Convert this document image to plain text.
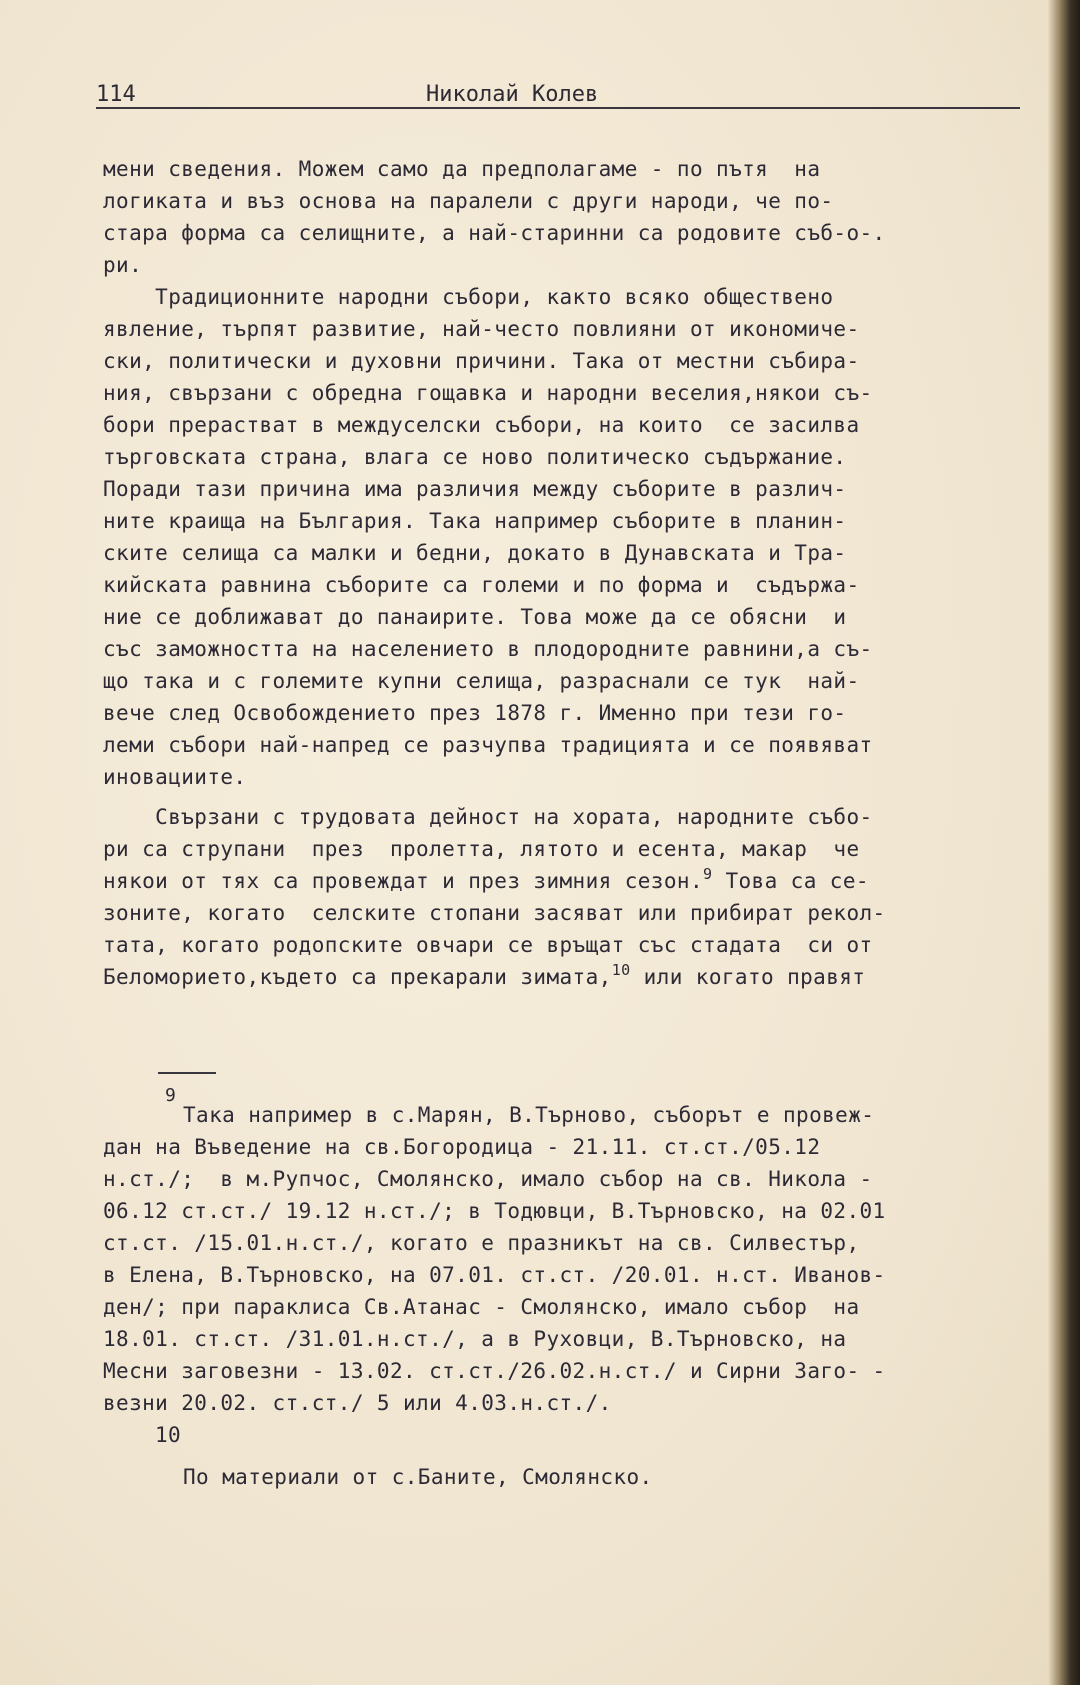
114	Николай Колев
мени сведения. Можем само да предполагаме - по пътя  на
логиката и въз основа на паралели с други народи, че по-
стара форма са селищните, а най-старинни са родовите съб-о-.
ри.
Традиционните народни събори, както всяко обществено
явление, търпят развитие, най-често повлияни от икономиче-
ски, политически и духовни причини. Така от местни събира-
ния, свързани с обредна гощавка и народни веселия,някои съ-
бори прерастват в междуселски събори, на които  се засилва
търговската страна, влага се ново политическо съдържание.
Поради тази причина има различия между съборите в различ-
ните краища на България. Така например съборите в планин-
ските селища са малки и бедни, докато в Дунавската и Тра-
кийската равнина съборите са големи и по форма и  съдържа-
ние се доближават до панаирите. Това може да се обясни  и
със заможността на населението в плодородните равнини,а съ-
що така и с големите купни селища, разраснали се тук  най-
вече след Освобождението през 1878 г. Именно при тези го-
леми събори най-напред се разчупва традицията и се появяват
иновациите.
Свързани с трудовата дейност на хората, народните събо-
ри са струпани  през  пролетта, лятото и есента, макар  че
някои от тях са провеждат и през зимния сезон.$^9$ Това са се-
зоните, когато  селските стопани засяват или прибират рекол-
тата, когато родопските овчари се връщат със стадата  си от
Беломорието,където са прекарали зимата,$^{10}$ или когато правят
9
Така например в с.Марян, В.Търново, съборът е провеж-
дан на Въведение на св.Богородица - 21.11. ст.ст./05.12
н.ст./;  в м.Рупчос, Смолянско, имало събор на св. Никола -
06.12 ст.ст./ 19.12 н.ст./; в Тодювци, В.Търновско, на 02.01
ст.ст. /15.01.н.ст./, когато е празникът на св. Силвестър,
в Елена, В.Търновско, на 07.01. ст.ст. /20.01. н.ст. Иванов-
ден/; при параклиса Св.Атанас - Смолянско, имало събор  на
18.01. ст.ст. /31.01.н.ст./, а в Руховци, В.Търновско, на
Месни заговезни - 13.02. ст.ст./26.02.н.ст./ и Сирни Заго- -
везни 20.02. ст.ст./ 5 или 4.03.н.ст./.
10
По материали от с.Баните, Смолянско.
